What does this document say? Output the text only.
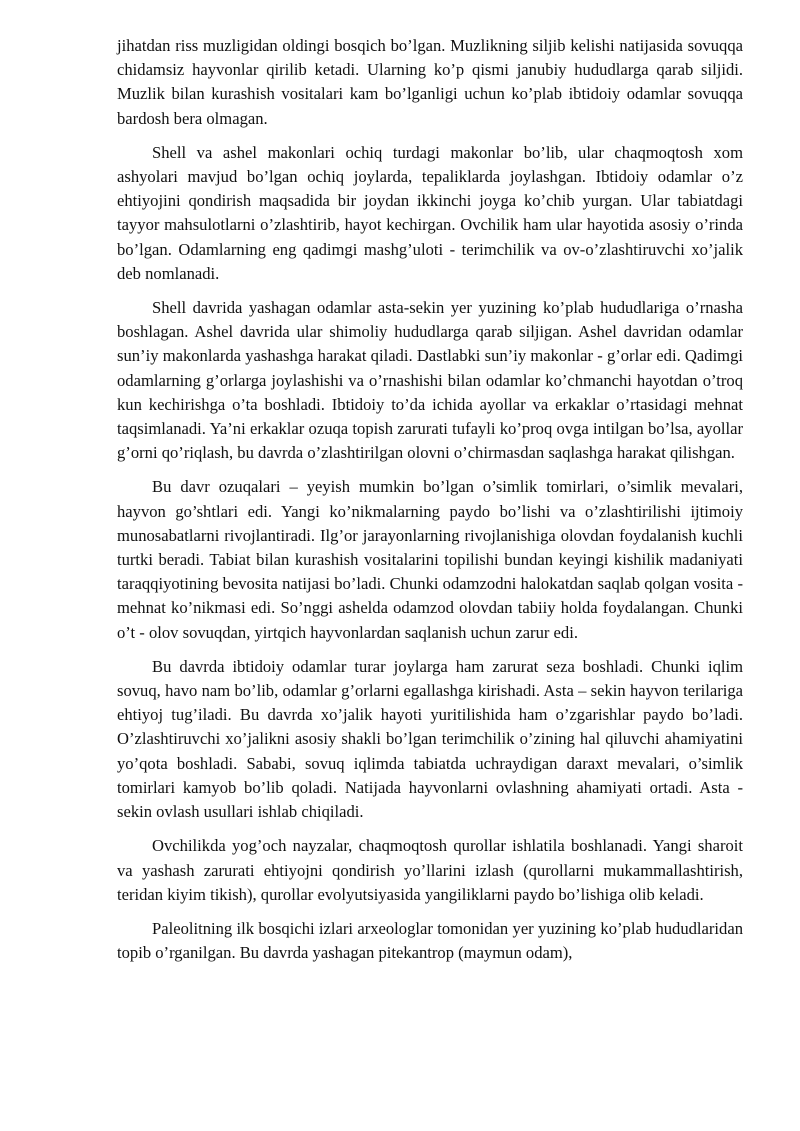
jihatdan riss muzligidan oldingi bosqich bo’lgan. Muzlikning siljib kelishi natijasida sovuqqa chidamsiz hayvonlar qirilib ketadi. Ularning ko’p qismi janubiy hududlarga qarab siljidi. Muzlik bilan kurashish vositalari kam bo’lganligi uchun ko’plab ibtidoiy odamlar sovuqqa bardosh bera olmagan.

Shell va ashel makonlari ochiq turdagi makonlar bo’lib, ular chaqmoqtosh xom ashyolari mavjud bo’lgan ochiq joylarda, tepaliklarda joylashgan. Ibtidoiy odamlar o’z ehtiyojini qondirish maqsadida bir joydan ikkinchi joyga ko’chib yurgan. Ular tabiatdagi tayyor mahsulotlarni o’zlashtirib, hayot kechirgan. Ovchilik ham ular hayotida asosiy o’rinda bo’lgan. Odamlarning eng qadimgi mashg’uloti - terimchilik va ov-o’zlashtiruvchi xo’jalik deb nomlanadi.

Shell davrida yashagan odamlar asta-sekin yer yuzining ko’plab hududlariga o’rnasha boshlagan. Ashel davrida ular shimoliy hududlarga qarab siljigan. Ashel davridan odamlar sun’iy makonlarda yashashga harakat qiladi. Dastlabki sun’iy makonlar - g’orlar edi. Qadimgi odamlarning g’orlarga joylashishi va o’rnashishi bilan odamlar ko’chmanchi hayotdan o’troq kun kechirishga o’ta boshladi. Ibtidoiy to’da ichida ayollar va erkaklar o’rtasidagi mehnat taqsimlanadi. Ya’ni erkaklar ozuqa topish zarurati tufayli ko’proq ovga intilgan bo’lsa, ayollar g’orni qo’riqlash, bu davrda o’zlashtirilgan olovni o’chirmasdan saqlashga harakat qilishgan.

Bu davr ozuqalari – yeyish mumkin bo’lgan o’simlik tomirlari, o’simlik mevalari, hayvon go’shtlari edi. Yangi ko’nikmalarning paydo bo’lishi va o’zlashtirilishi ijtimoiy munosabatlarni rivojlantiradi. Ilg’or jarayonlarning rivojlanishiga olovdan foydalanish kuchli turtki beradi. Tabiat bilan kurashish vositalarini topilishi bundan keyingi kishilik madaniyati taraqqiyotining bevosita natijasi bo’ladi. Chunki odamzodni halokatdan saqlab qolgan vosita - mehnat ko’nikmasi edi. So’nggi ashelda odamzod olovdan tabiiy holda foydalangan. Chunki o’t - olov sovuqdan, yirtqich hayvonlardan saqlanish uchun zarur edi.

Bu davrda ibtidoiy odamlar turar joylarga ham zarurat seza boshladi. Chunki iqlim sovuq, havo nam bo’lib, odamlar g’orlarni egallashga kirishadi. Asta – sekin hayvon terilariga ehtiyoj tug’iladi. Bu davrda xo’jalik hayoti yuritilishida ham o’zgarishlar paydo bo’ladi. O’zlashtiruvchi xo’jalikni asosiy shakli bo’lgan terimchilik o’zining hal qiluvchi ahamiyatini yo’qota boshladi. Sababi, sovuq iqlimda tabiatda uchraydigan daraxt mevalari, o’simlik tomirlari kamyob bo’lib qoladi. Natijada hayvonlarni ovlashning ahamiyati ortadi. Asta - sekin ovlash usullari ishlab chiqiladi.

Ovchilikda yog’och nayzalar, chaqmoqtosh qurollar ishlatila boshlanadi. Yangi sharoit va yashash zarurati ehtiyojni qondirish yo’llarini izlash (qurollarni mukammallashtirish, teridan kiyim tikish), qurollar evolyutsiyasida yangiliklarni paydo bo’lishiga olib keladi.

Paleolitning ilk bosqichi izlari arxeologlar tomonidan yer yuzining ko’plab hududlaridan topib o’rganilgan. Bu davrda yashagan pitekantrop (maymun odam),
